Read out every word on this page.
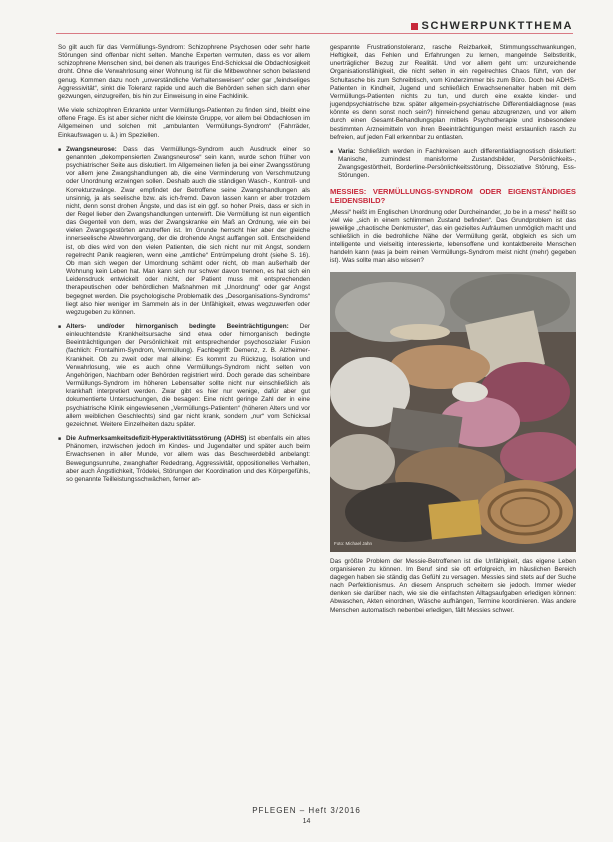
SCHWERPUNKTTHEMA

So gilt auch für das Vermüllungs-Syndrom: Schizophrene Psychosen oder sehr harte Störungen sind offenbar nicht selten. Manche Experten vermuten, dass es vor allem schizophrene Menschen sind, bei denen als trauriges End-Schicksal die Obdachlosigkeit droht. Ohne die Verwahrlosung einer Wohnung ist für die Mitbewohner schon belastend genug. Kommen dazu noch „unverständliche Verhaltensweisen“ oder gar „feindseliges Aggressivität“, sinkt die Toleranz rapide und auch die Behörden sehen sich dann eher gezwungen, einzugreifen, bis hin zur Einweisung in eine Fachklinik.

Wie viele schizophren Erkrankte unter Vermüllungs-Patienten zu finden sind, bleibt eine offene Frage. Es ist aber sicher nicht die kleinste Gruppe, vor allem bei Obdachlosen im Allgemeinen und solchen mit „ambulanten Vermüllungs-Syndrom“ (Fahrräder, Einkaufswagen u. ä.) im Speziellen.

■ Zwangsneurose: Dass das Vermüllungs-Syndrom auch Ausdruck einer so genannten „dekompensierten Zwangsneurose“ sein kann, wurde schon früher von psychiatrischer Seite aus diskutiert. Im Allgemeinen liefen ja bei einer Zwangsstörung vor allem jene Zwangshandlungen ab, die eine Verminderung von Verschmutzung oder Unordnung erzwingen sollen. Deshalb auch die ständigen Wasch-, Kontroll- und Korrekturzwänge. Zwar empfindet der Betroffene seine Zwangshandlungen als unsinnig, ja als seelische bzw. als ich-fremd. Davon lassen kann er aber trotzdem nicht, denn sonst drohen Ängste, und das ist ein ggf. so hoher Preis, dass er sich in der Regel lieber den Zwangshandlungen unterwirft. Die Vermüllung ist nun eigentlich das Gegenteil von dem, was der Zwangskranke ein Maß an Ordnung, wie ein bei vielen Zwangsgestörten anzutreffen ist. Im Grunde herrscht hier aber der gleiche innerseelische Abwehrvorgang, der die drohende Angst auffangen soll. Entscheidend ist, ob dies wird von den vielen Patienten, die sich nicht nur mit Angst, sondern regelrecht Panik reagieren, wenn eine „amtliche“ Entrümpelung droht (siehe S. 16). Ob man sich wegen der Umordnung schämt oder nicht, ob man außerhalb der Wohnung kein Leben hat. Man kann sich nur schwer davon trennen, es hat sich ein Leidensdruck entwickelt oder nicht, der Patient muss mit entsprechenden therapeutischen oder behördlichen Maßnahmen mit „Unordnung“ oder gar Angst begegnet werden. Die psychologische Problematik des „Desorganisations-Syndroms“ liegt also hier weniger im Sammeln als in der Unfähigkeit, etwas wegzuwerfen oder wegzugeben zu können.
■ Alters- und/oder hirnorganisch bedingte Beeinträchtigungen: Der einleuchtendste Krankheitsursache sind etwa oder hirnorganisch bedingte Beeinträchtigungen der Persönlichkeit mit entsprechender psychosozialer Fusion (fachlich: Frontalhirn-Syndrom, Vermüllung). Fachbegriff: Demenz, z. B. Alzheimer-Krankheit. Ob zu zweit oder mal alleine: Es kommt zu Rückzug, Isolation und Verwahrlosung, wie es auch ohne Vermüllungs-Syndrom nicht selten von Angehörigen, Nachbarn oder Behörden registriert wird. Doch gerade das scheinbare Vermüllungs-Syndrom im höheren Lebensalter sollte nicht nur einschließlich als krankhaft interpretiert werden. Zwar gibt es hier nur wenige, dafür aber gut dokumentierte Untersuchungen, die besagen: Eine nicht geringe Zahl der in eine psychiatrische Klinik eingewiesenen „Vermüllungs-Patienten“ (höheren Alters und vor allem weiblichen Geschlechts) sind gar nicht krank, sondern „nur“ vom Schicksal gezeichnet. Weitere Einzelheiten dazu später.
■ Die Aufmerksamkeitsdefizit-Hyperaktivitätsstörung (ADHS) ist ebenfalls ein altes Phänomen, inzwischen jedoch im Kindes- und Jugendalter und später auch beim Erwachsenen in aller Munde, vor allem was das Beschwerdebild anbelangt: Bewegungsunruhe, zwanghafter Rededrang, Aggressivität, oppositionelles Verhalten, aber auch Ängstlichkeit, Trödelei, Störungen der Koordination und des Körpergefühls, so genannte Teilleistungsschwächen, ferner an-

gespannte Frustrationstoleranz, rasche Reizbarkeit, Stimmungsschwankungen, Heftigkeit, das Fehlen und Erfahrungen zu lernen, mangelnde Selbstkritik, unerträglicher Bezug zur Realität. Und vor allem geht um: unzureichende Organisationsfähigkeit, die nicht selten in ein regelrechtes Chaos führt, von der Schultasche bis zum Schreibtisch, vom Kinderzimmer bis zum Büro. Doch bei ADHS-Patienten in Kindheit, Jugend und schließlich Erwachsenenalter haben mit dem Vermüllungs-Patienten nichts zu tun, und durch eine exakte kinder- und jugendpsychiatrische bzw. später allgemein-psychiatrische Differentialdiagnose (was könnte es denn sonst noch sein?) hinreichend genau abzugrenzen, und vor allem durch einen Gesamt-Behandlungsplan mittels Psychotherapie und insbesondere bestimmten Arzneimitteln von ihren Beeinträchtigungen meist erstaunlich rasch zu befreien, auf jeden Fall erkennbar zu entlasten.

■ Varia: Schließlich werden in Fachkreisen auch differentialdiagnostisch diskutiert: Manische, zumindest manisforme Zustandsbilder, Persönlichkeits-, Zwangsgestörtheit, Borderline-Persönlichkeitsstörung, Dissoziative Störung, Ess-Störungen.
MESSIES: VERMÜLLUNGS-SYNDROM ODER EIGENSTÄNDIGES LEIDENSBILD?

„Messi“ heißt im Englischen Unordnung oder Durcheinander, „to be in a mess“ heißt so viel wie „sich in einem schlimmen Zustand befinden“. Das Grundproblem ist das jeweilige „chaotische Denkmuster“, das ein gezieltes Aufräumen unmöglich macht und schließlich in die bedrohliche Nähe der Vermüllung gerät, obgleich es sich um intelligente und vielseitig interessierte, lebensoffene und kontaktbereite Menschen handeln kann (was ja beim reinen Vermüllungs-Syndrom meist nicht (mehr) gegeben ist). Was sollte man also wissen?

Foto: Michael Jahn

Das größte Problem der Messie-Betroffenen ist die Unfähigkeit, das eigene Leben organisieren zu können. Im Beruf sind sie oft erfolgreich, im häuslichen Bereich dagegen haben sie ständig das Gefühl zu versagen. Messies sind stets auf der Suche nach Perfektionismus. An diesem Anspruch scheitern sie jedoch. Immer wieder denken sie darüber nach, wie sie die einfachsten Alltagsaufgaben erledigen können: Abwaschen, Akten einordnen, Wäsche aufhängen, Termine koordinieren. Was andere Menschen automatisch nebenbei erledigen, fällt Messies schwer.

PFLEGEN – Heft 3/2016
14
